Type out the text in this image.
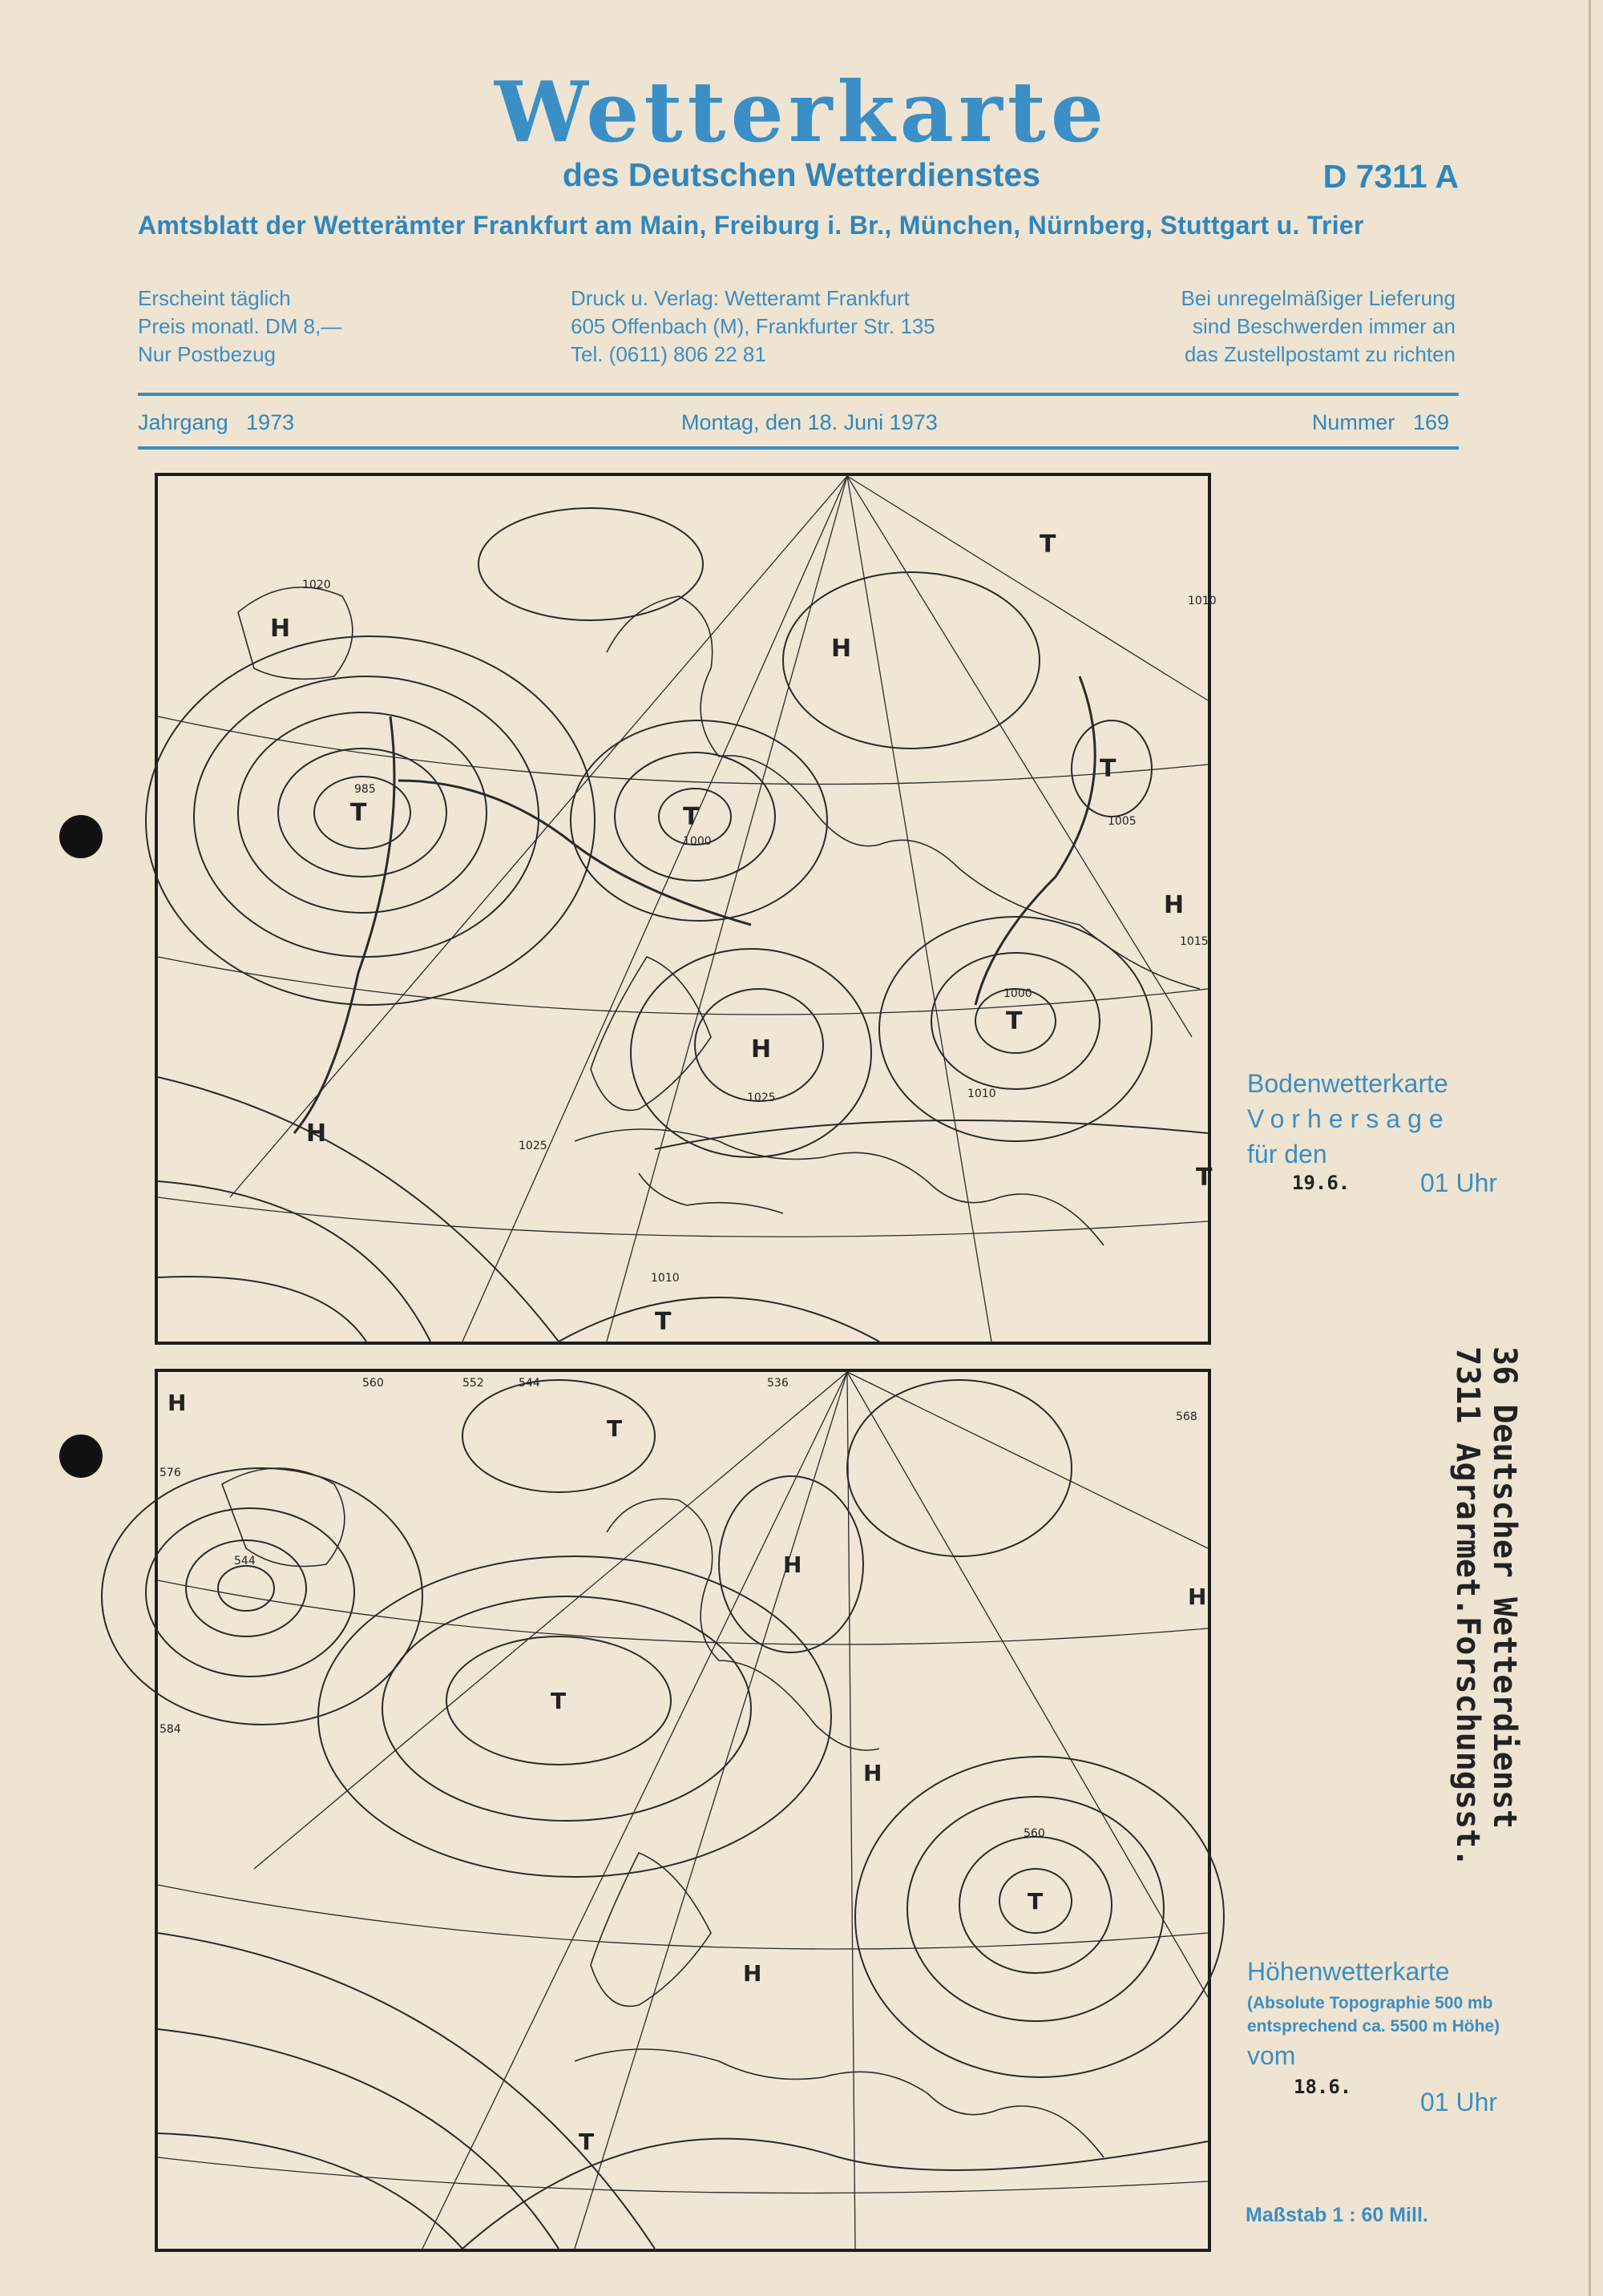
Wetterkarte
des Deutschen Wetterdienstes	D 7311 A
Amtsblatt der Wetterämter Frankfurt am Main, Freiburg i. Br., München, Nürnberg, Stuttgart u. Trier
Erscheint täglich
Preis monatl. DM 8,—
Nur Postbezug
Druck u. Verlag: Wetteramt Frankfurt
605 Offenbach (M), Frankfurter Str. 135
Tel. (0611) 806 22 81
Bei unregelmäßiger Lieferung
sind Beschwerden immer an
das Zustellpostamt zu richten
Jahrgang 1973	Montag, den 18. Juni 1973	Nummer 169
H
T	T
H
T
T
H
H
T
H
T
T
985
1000
1000
1020
1025
1025
1010
1005
1015
1010
1010
Bodenwetterkarte
Vorhersage
für den
19.6.	01 Uhr
H
T
T
H
T
H
H
H
T
552	544	536
560
568
576
584
544
560
Höhenwetterkarte
(Absolute Topographie 500 mb
entsprechend ca. 5500 m Höhe)
vom
18.6.
01 Uhr
Maßstab 1 : 60 Mill.
36 Deutscher Wetterdienst
7311 Agrarmet.Forschungsst.
